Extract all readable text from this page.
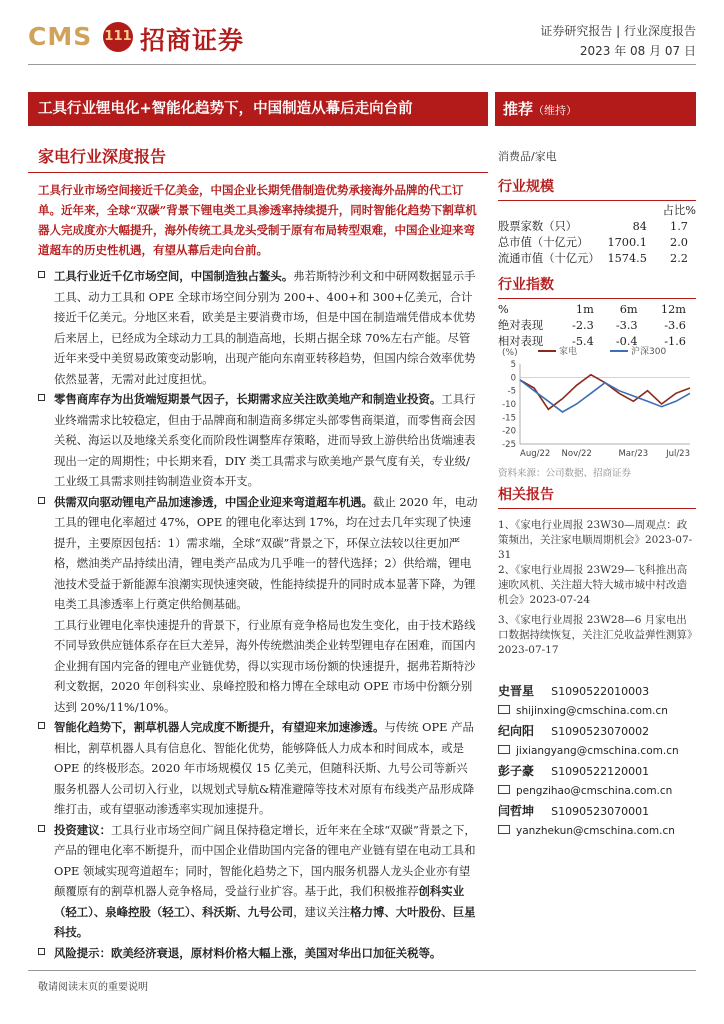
CMS 111 招商证券	证券研究报告 | 行业深度报告
2023 年 08 月 07 日
工具行业锂电化+智能化趋势下，中国制造从幕后走向台前	推荐（维持）
家电行业深度报告	消费品/家电

工具行业市场空间接近千亿美金，中国企业长期凭借制造优势承接海外品牌的代工订单。近年来，全球“双碳”背景下锂电类工具渗透率持续提升，同时智能化趋势下割草机器人完成度亦大幅提升，海外传统工具龙头受制于原有布局转型艰难，中国企业迎来弯道超车的历史性机遇，有望从幕后走向台前。

工具行业近千亿市场空间，中国制造独占鳌头。弗若斯特沙利文和中研网数据显示手工具、动力工具和 OPE 全球市场空间分别为 200+、400+和 300+亿美元，合计接近千亿美元。分地区来看，欧美是主要消费市场，但是中国在制造端凭借成本优势后来居上，已经成为全球动力工具的制造高地，长期占据全球 70%左右产能。尽管近年来受中美贸易政策变动影响，出现产能向东南亚转移趋势，但国内综合效率优势依然显著，无需对此过度担忧。
零售商库存为出货端短期景气因子，长期需求应关注欧美地产和制造业投资。工具行业终端需求比较稳定，但由于品牌商和制造商多绑定头部零售商渠道，而零售商会因关税、海运以及地缘关系变化而阶段性调整库存策略，进而导致上游供给出货端速表现出一定的周期性；中长期来看，DIY 类工具需求与欧美地产景气度有关，专业级/工业级工具需求则挂钩制造业资本开支。
供需双向驱动锂电产品加速渗透，中国企业迎来弯道超车机遇。截止 2020 年，电动工具的锂电化率超过 47%，OPE 的锂电化率达到 17%，均在过去几年实现了快速提升，主要原因包括：1）需求端，全球“双碳”背景之下，环保立法较以往更加严格，燃油类产品持续出清，锂电类产品成为几乎唯一的替代选择；2）供给端，锂电池技术受益于新能源车浪潮实现快速突破，性能持续提升的同时成本显著下降，为锂电类工具渗透率上行奠定供给侧基础。

工具行业锂电化率快速提升的背景下，行业原有竞争格局也发生变化，由于技术路线不同导致供应链体系存在巨大差异，海外传统燃油类企业转型锂电存在困难，而国内企业拥有国内完备的锂电产业链优势，得以实现市场份额的快速提升，据弗若斯特沙利文数据，2020 年创科实业、泉峰控股和格力博在全球电动 OPE 市场中份额分别达到 20%/11%/10%。

智能化趋势下，割草机器人完成度不断提升，有望迎来加速渗透。与传统 OPE 产品相比，割草机器人具有信息化、智能化优势，能够降低人力成本和时间成本，或是 OPE 的终极形态。2020 年市场规模仅 15 亿美元，但随科沃斯、九号公司等新兴服务机器人公司切入行业，以规划式导航&精准避障等技术对原有布线类产品形成降维打击，或有望驱动渗透率实现加速提升。
投资建议：工具行业市场空间广阔且保持稳定增长，近年来在全球“双碳”背景之下，产品的锂电化率不断提升，而中国企业借助国内完备的锂电产业链有望在电动工具和 OPE 领域实现弯道超车；同时，智能化趋势之下，国内服务机器人龙头企业亦有望颠覆原有的割草机器人竞争格局，受益行业扩容。基于此，我们积极推荐创科实业（轻工）、泉峰控股（轻工）、科沃斯、九号公司，建议关注格力博、大叶股份、巨星科技。
风险提示：欧美经济衰退，原材料价格大幅上涨，美国对华出口加征关税等。
行业规模
		占比%
股票家数（只）	84	1.7
总市值（十亿元）	1700.1	2.0
流通市值（十亿元）	1574.5	2.2
行业指数
%	1m	6m	12m
绝对表现	-2.3	-3.3	-3.6
相对表现	-5.4	-0.4	-1.6
(%)	家电	沪深300
5
0
-5
-10
-15
-20
-25
Aug/22 Nov/22	Mar/23 Jul/23
资料来源：公司数据、招商证券
相关报告
1、《家电行业周报 23W30—周观点：政策频出，关注家电顺周期机会》2023-07-31
2、《家电行业周报 23W29—飞科推出高速吹风机、关注超大特大城市城中村改造机会》2023-07-24
3、《家电行业周报 23W28—6 月家电出口数据持续恢复，关注汇兑收益弹性测算》2023-07-17
史晋星 S1090522010003
shijinxing@cmschina.com.cn
纪向阳 S1090523070002
jixiangyang@cmschina.com.cn
彭子豪 S1090522120001
pengzihao@cmschina.com.cn
闫哲坤 S1090523070001
yanzhekun@cmschina.com.cn
敬请阅读末页的重要说明
